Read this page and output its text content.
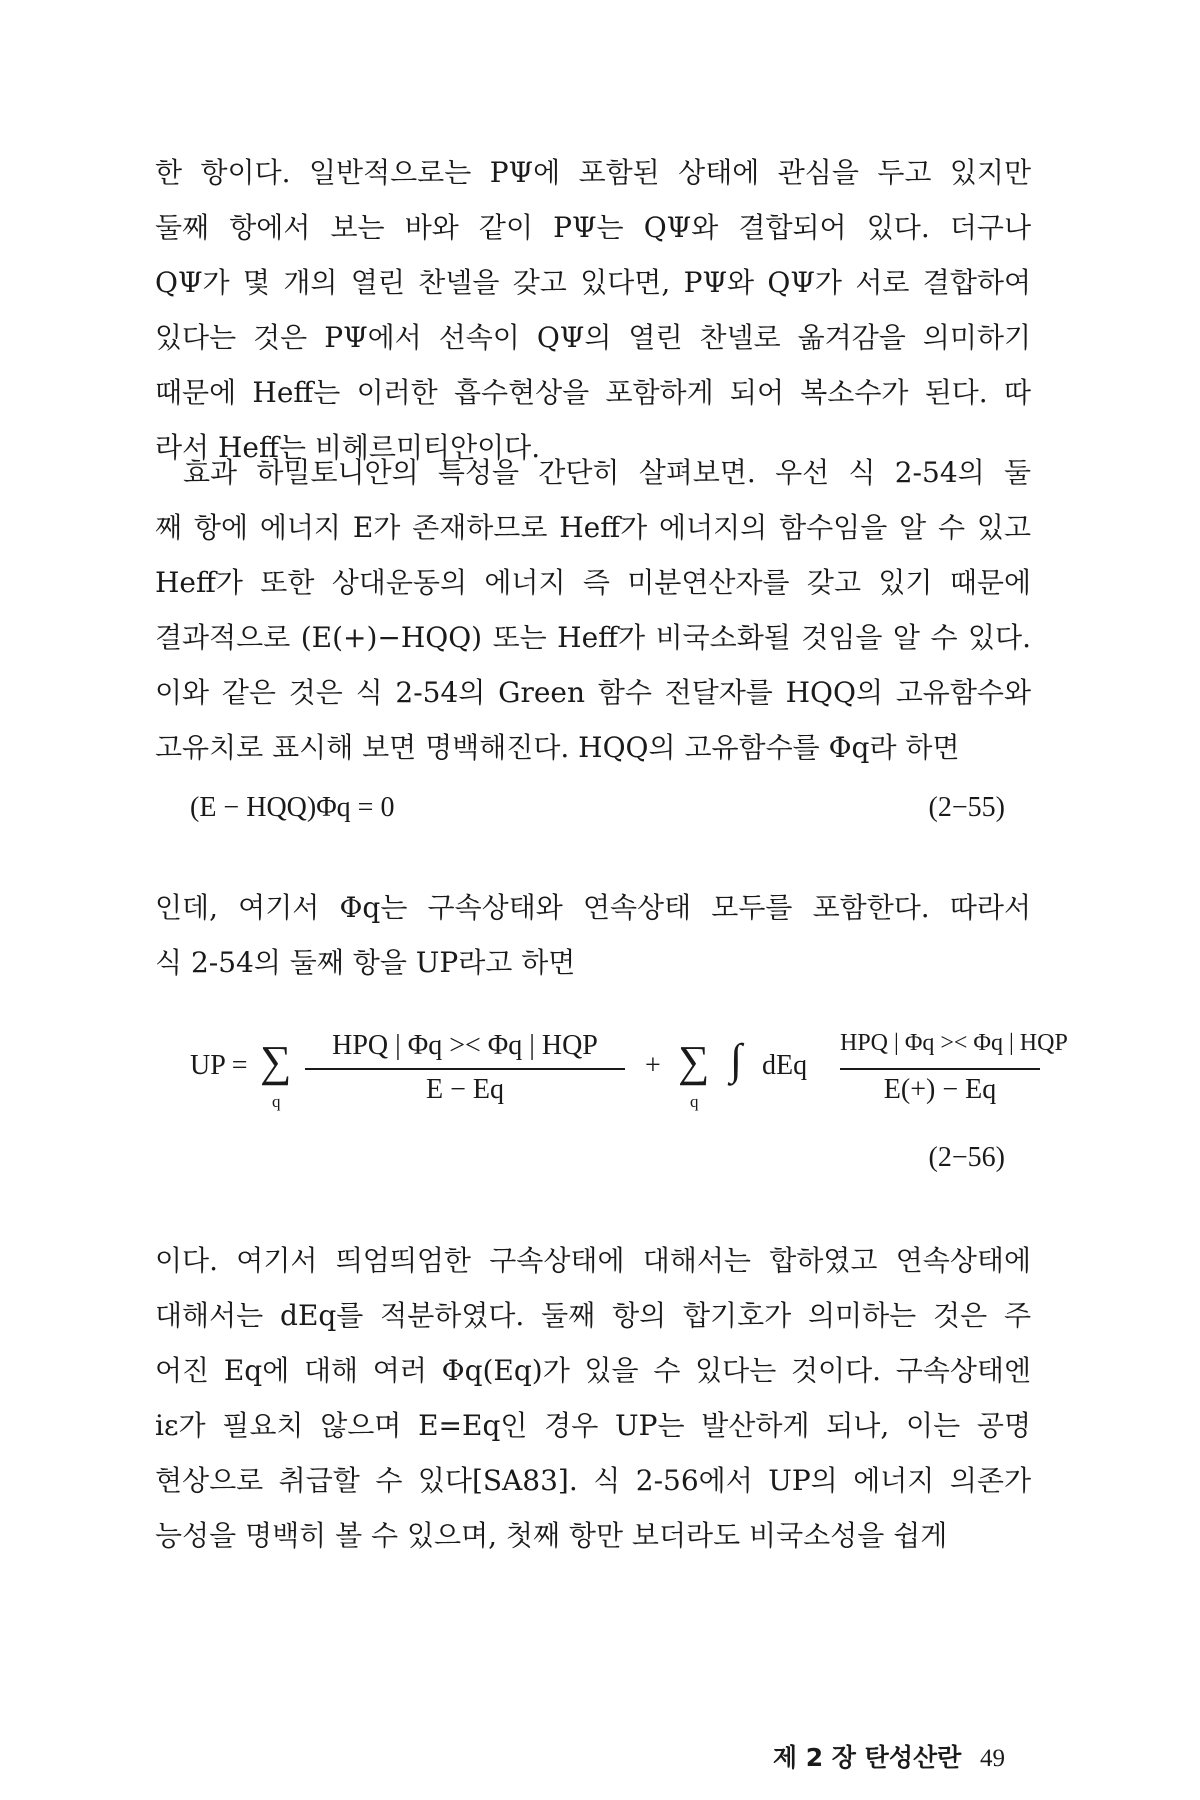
한 항이다. 일반적으로는 PΨ에 포함된 상태에 관심을 두고 있지만
둘째 항에서 보는 바와 같이 PΨ는 QΨ와 결합되어 있다. 더구나
QΨ가 몇 개의 열린 찬넬을 갖고 있다면, PΨ와 QΨ가 서로 결합하여
있다는 것은 PΨ에서 선속이 QΨ의 열린 찬넬로 옮겨감을 의미하기
때문에 Heff는 이러한 흡수현상을 포함하게 되어 복소수가 된다. 따
라서 Heff는 비헤르미티안이다.
효과 하밀토니안의 특성을 간단히 살펴보면. 우선 식 2-54의 둘
째 항에 에너지 E가 존재하므로 Heff가 에너지의 함수임을 알 수 있고
Heff가 또한 상대운동의 에너지 즉 미분연산자를 갖고 있기 때문에
결과적으로 (E(+)−HQQ) 또는 Heff가 비국소화될 것임을 알 수 있다.
이와 같은 것은 식 2-54의 Green 함수 전달자를 HQQ의 고유함수와
고유치로 표시해 보면 명백해진다. HQQ의 고유함수를 Φq라 하면
(E − HQQ)Φq = 0	(2−55)
인데, 여기서 Φq는 구속상태와 연속상태 모두를 포함한다. 따라서
식 2-54의 둘째 항을 UP라고 하면
UP = ∑
q
HPQ | Φq >< Φq | HQP
E − Eq
+ ∑
q
∫ dEq
HPQ | Φq >< Φq | HQP
E(+) − Eq
(2−56)
이다. 여기서 띄엄띄엄한 구속상태에 대해서는 합하였고 연속상태에
대해서는 dEq를 적분하였다. 둘째 항의 합기호가 의미하는 것은 주
어진 Eq에 대해 여러 Φq(Eq)가 있을 수 있다는 것이다. 구속상태엔
iε가 필요치 않으며 E=Eq인 경우 UP는 발산하게 되나, 이는 공명
현상으로 취급할 수 있다[SA83]. 식 2-56에서 UP의 에너지 의존가
능성을 명백히 볼 수 있으며, 첫째 항만 보더라도 비국소성을 쉽게
제 2 장 탄성산란 49
